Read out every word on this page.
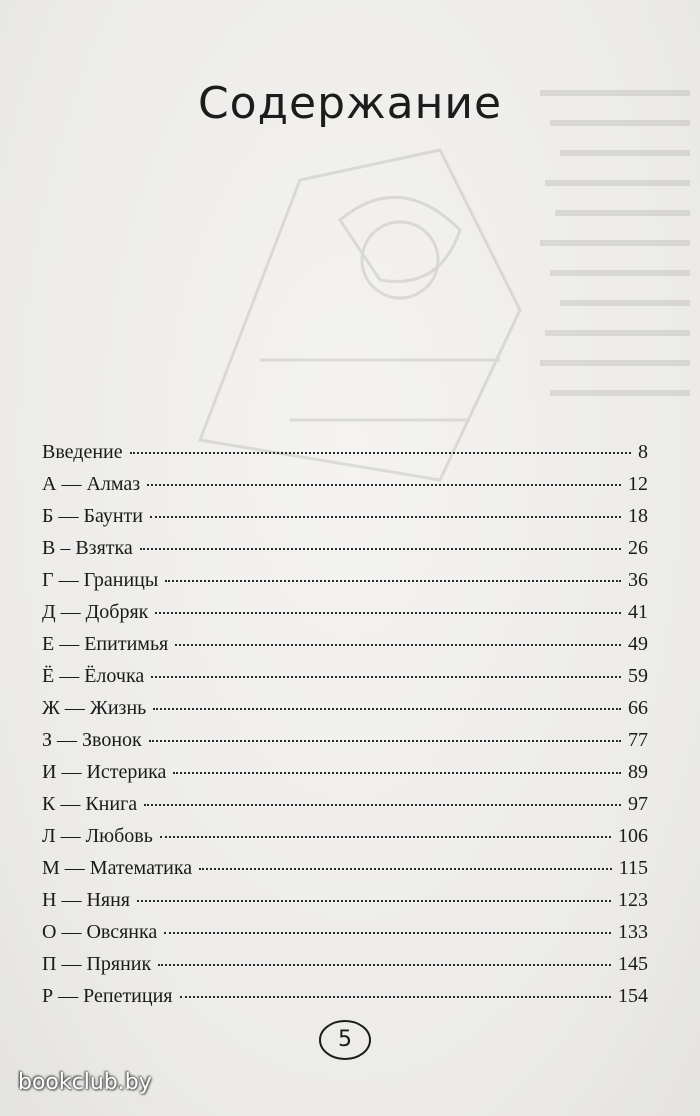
Содержание
Введение	8
А — Алмаз	12
Б — Баунти	18
В – Взятка	26
Г — Границы	36
Д — Добряк	41
Е — Епитимья	49
Ё — Ёлочка	59
Ж — Жизнь	66
З — Звонок	77
И — Истерика	89
К — Книга	97
Л — Любовь	106
М — Математика	115
Н — Няня	123
О — Овсянка	133
П — Пряник	145
Р — Репетиция	154
5
bookclub.by
